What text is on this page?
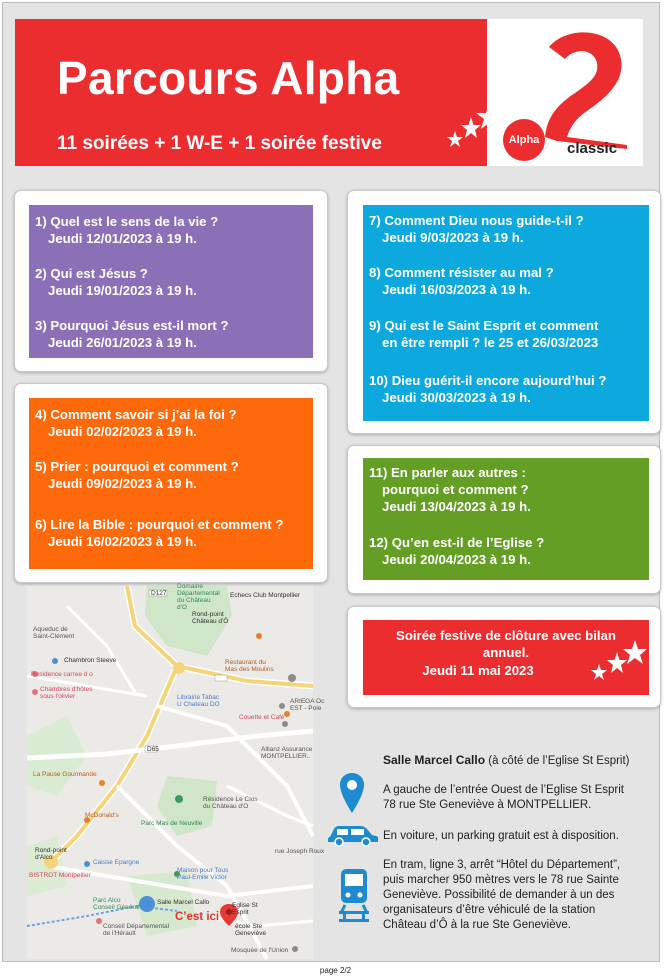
Parcours Alpha
11 soirées + 1 W-E + 1 soirée festive	Alpha	classic
1) Quel est le sens de la vie ?
Jeudi 12/01/2023 à 19 h.
2) Qui est Jésus ?
Jeudi 19/01/2023 à 19 h.
3) Pourquoi Jésus est-il mort ?
Jeudi 26/01/2023 à 19 h.
4) Comment savoir si j’ai la foi ?
Jeudi 02/02/2023 à 19 h.
5) Prier : pourquoi et comment ?
Jeudi 09/02/2023 à 19 h.
6) Lire la Bible : pourquoi et comment ?
Jeudi 16/02/2023 à 19 h.
7) Comment Dieu nous guide-t-il ?
Jeudi 9/03/2023 à 19 h.
8) Comment résister au mal ?
Jeudi 16/03/2023 à 19 h.
9) Qui est le Saint Esprit et comment
en être rempli ? le 25 et 26/03/2023
10) Dieu guérit-il encore aujourd’hui ?
Jeudi 30/03/2023 à 19 h.
11) En parler aux autres :
pourquoi et comment ?
Jeudi 13/04/2023 à 19 h.
12) Qu’en est-il de l’Eglise ?
Jeudi 20/04/2023 à 19 h.
Soirée festive de clôture avec bilan
annuel.
Jeudi 11 mai 2023
Domaine
Départemental
du Château
d'O
Echecs Club Montpellier
Rond-point
Château d'Ô
Aqueduc de
Saint-Clément
Chambron Steeve
Residence carree d o
Chambres d'hôtes
sous l'olivier
Restaurant du
Mas des Moulins
Librairie Tabac
U Chateau DO	ARIEGA Oc
EST - Pole
Couette et Café
Allianz Assurance
MONTPELLIER..
La Pause Gourmande
Résidence Le Clos
du Château d'O
McDonald's
Parc Mas de Neuville
Rond-point
d'Alco
Caisse Epargne
BISTROT Montpellier
Maison pour Tous
Paul-Emile Victor
Parc Alco
Conseil Général
Salle Marcel Callo	Eglise St
Esprit
Conseil Départemental
de l'Hérault
école Ste
Geneviève
Mosquée de l'Union
rue Joseph Roux
D65
D127
C’est ici
Salle Marcel Callo (à côté de l’Eglise St Esprit)
A gauche de l’entrée Ouest de l’Eglise St Esprit
78 rue Ste Geneviève à MONTPELLIER.
En voiture, un parking gratuit est à disposition.
En tram, ligne 3, arrêt “Hôtel du Département”,
puis marcher 950 mètres vers le 78 rue Sainte
Geneviève. Possibilité de demander à un des
organisateurs d’être véhiculé de la station
Château d’Ô à la rue Ste Geneviève.
page 2/2
